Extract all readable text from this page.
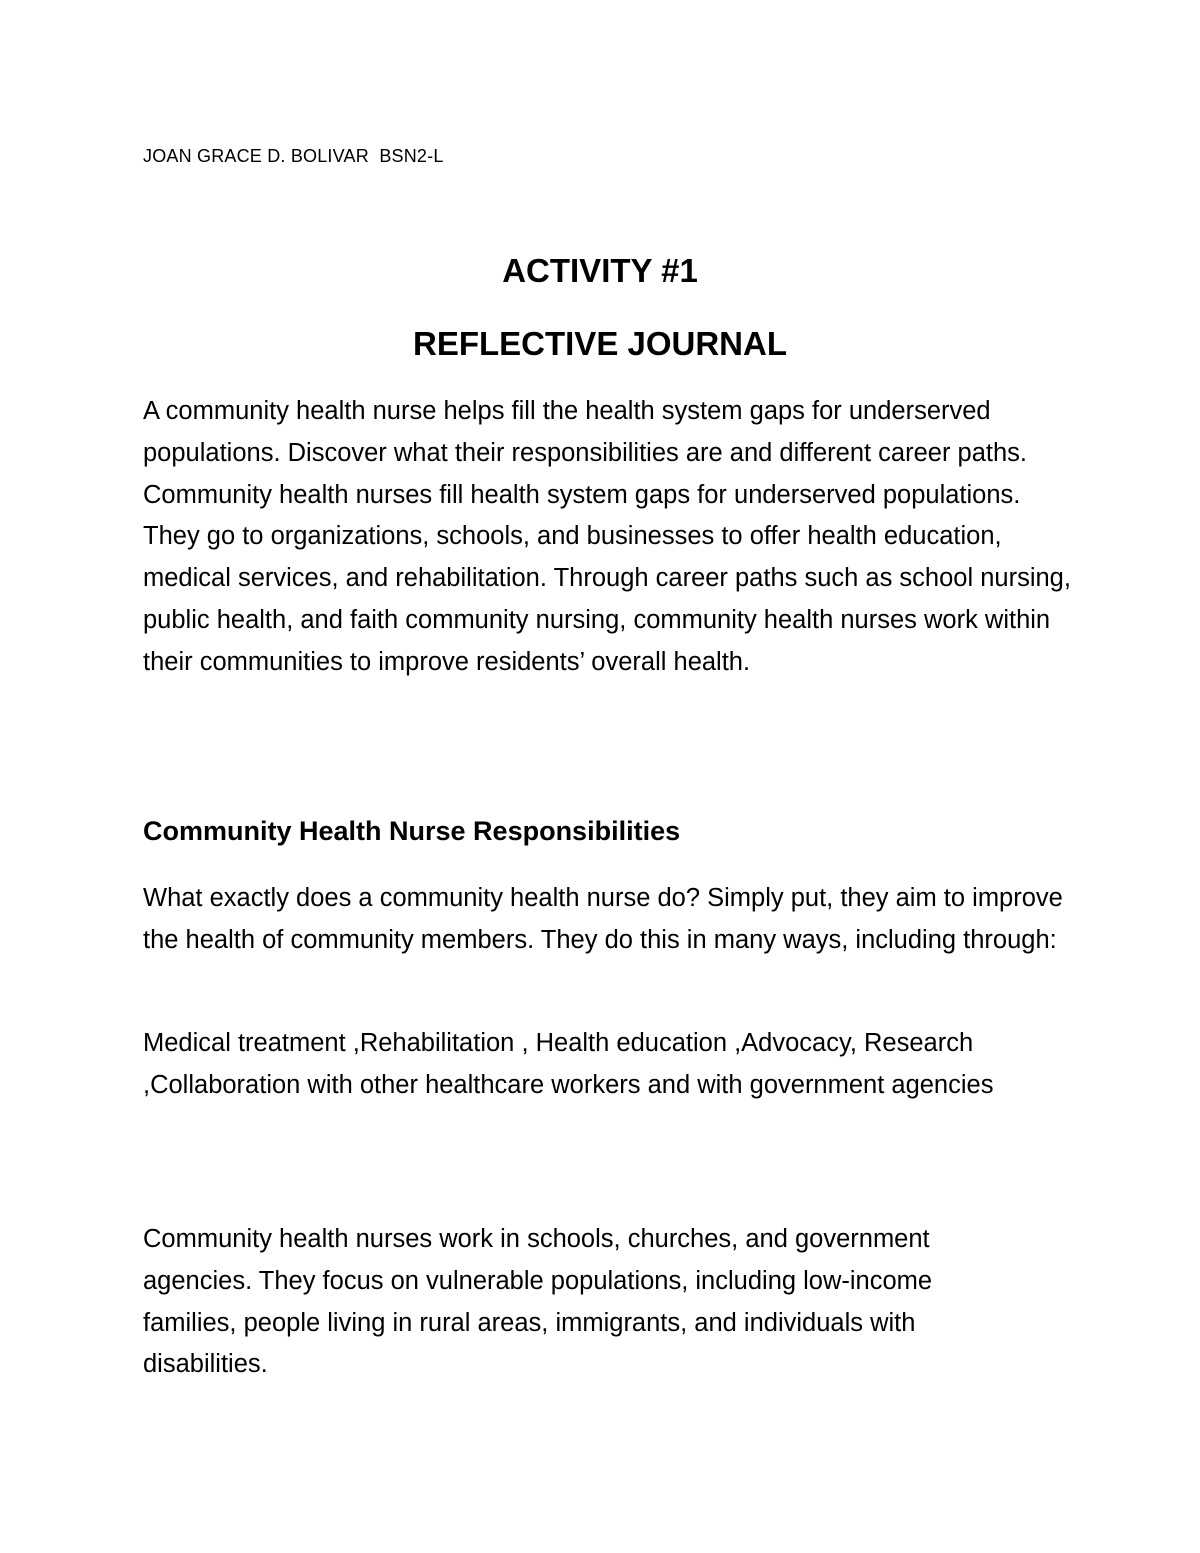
JOAN GRACE D. BOLIVAR  BSN2-L
ACTIVITY #1
REFLECTIVE JOURNAL
A community health nurse helps fill the health system gaps for underserved populations. Discover what their responsibilities are and different career paths. Community health nurses fill health system gaps for underserved populations. They go to organizations, schools, and businesses to offer health education, medical services, and rehabilitation. Through career paths such as school nursing, public health, and faith community nursing, community health nurses work within their communities to improve residents’ overall health.
Community Health Nurse Responsibilities
What exactly does a community health nurse do? Simply put, they aim to improve the health of community members. They do this in many ways, including through:
Medical treatment ,Rehabilitation , Health education ,Advocacy, Research ,Collaboration with other healthcare workers and with government agencies
Community health nurses work in schools, churches, and government agencies. They focus on vulnerable populations, including low-income families, people living in rural areas, immigrants, and individuals with disabilities.
